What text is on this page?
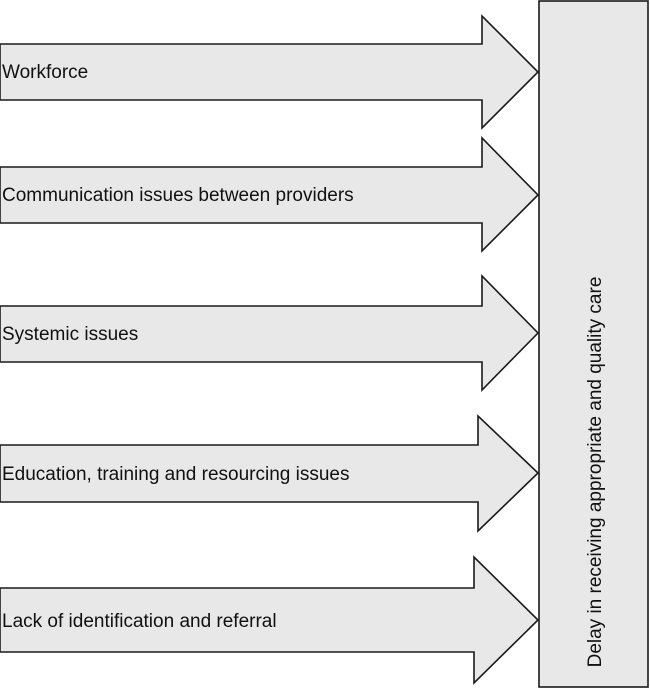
Workforce
Communication issues between providers
Systemic issues
Education, training and resourcing issues
Lack of identification and referral	Delay in receiving appropriate and quality care
